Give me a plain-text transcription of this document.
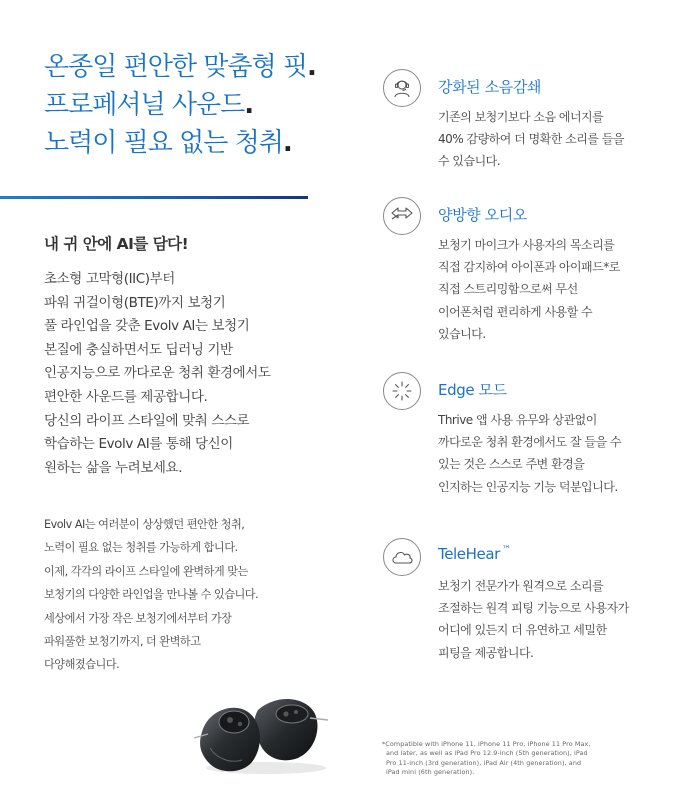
온종일 편안한 맞춤형 핏.
프로페셔널 사운드.
노력이 필요 없는 청취.
내 귀 안에 AI를 담다!
초소형 고막형(IIC)부터
파워 귀걸이형(BTE)까지 보청기
풀 라인업을 갖춘 Evolv AI는 보청기
본질에 충실하면서도 딥러닝 기반
인공지능으로 까다로운 청취 환경에서도
편안한 사운드를 제공합니다.
당신의 라이프 스타일에 맞춰 스스로
학습하는 Evolv AI를 통해 당신이
원하는 삶을 누려보세요.
Evolv AI는 여러분이 상상했던 편안한 청취,
노력이 필요 없는 청취를 가능하게 합니다.
이제, 각각의 라이프 스타일에 완벽하게 맞는
보청기의 다양한 라인업을 만나볼 수 있습니다.
세상에서 가장 작은 보청기에서부터 가장
파워풀한 보청기까지, 더 완벽하고
다양해졌습니다.
강화된 소음감쇄
기존의 보청기보다 소음 에너지를
40% 감량하여 더 명확한 소리를 들을
수 있습니다.
양방향 오디오
보청기 마이크가 사용자의 목소리를
직접 감지하여 아이폰과 아이패드*로
직접 스트리밍함으로써 무선
이어폰처럼 편리하게 사용할 수
있습니다.
Edge 모드
Thrive 앱 사용 유무와 상관없이
까다로운 청취 환경에서도 잘 들을 수
있는 것은 스스로 주변 환경을
인지하는 인공지능 기능 덕분입니다.
TeleHear ™
보청기 전문가가 원격으로 소리를
조절하는 원격 피팅 기능으로 사용자가
어디에 있든지 더 유연하고 세밀한
피팅을 제공합니다.
*Compatible with iPhone 11, iPhone 11 Pro, iPhone 11 Pro Max,
and later, as well as iPad Pro 12.9-inch (5th generation), iPad
Pro 11-inch (3rd generation), iPad Air (4th generation), and
iPad mini (6th generation).
